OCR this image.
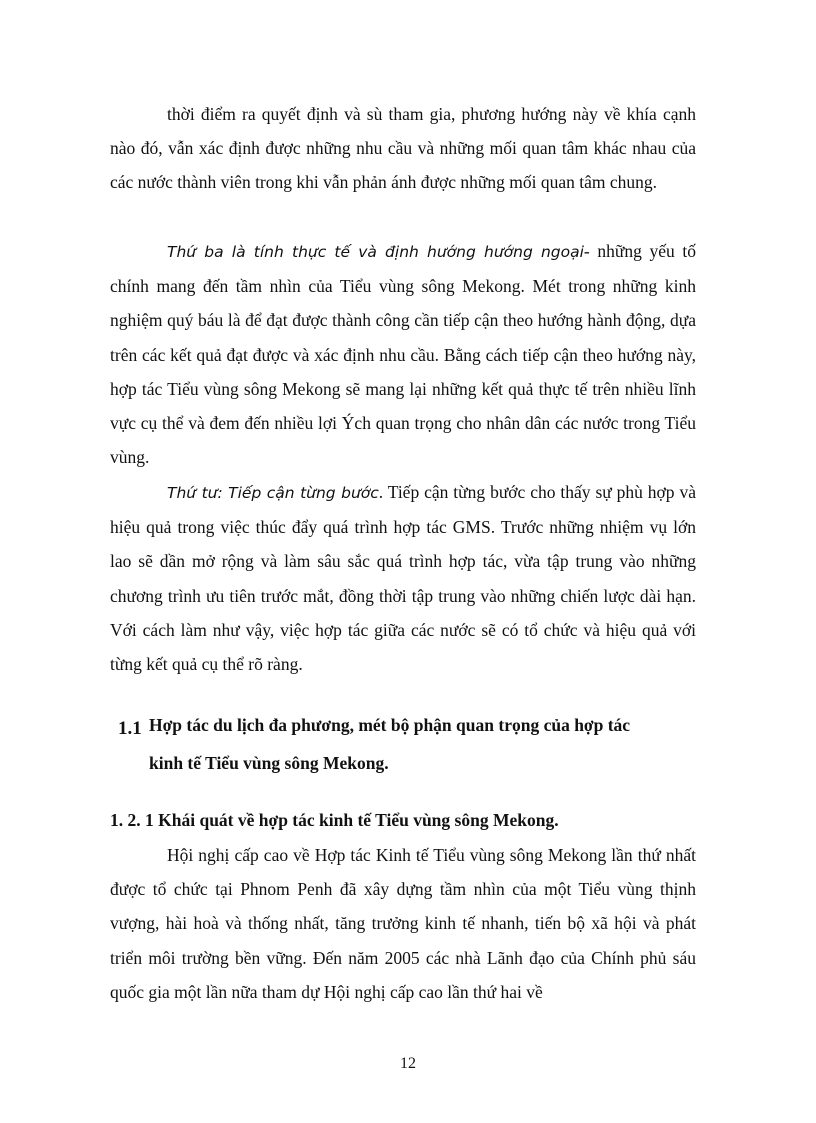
thời điểm ra quyết định và sù tham gia, phương hướng này về khía cạnh nào đó, vẫn xác định được những nhu cầu và những mối quan tâm khác nhau của các nước thành viên trong khi vẫn phản ánh được những mối quan tâm chung.

Thứ ba là tính thực tế và định hướng hướng ngoại- những yếu tố chính mang đến tầm nhìn của Tiểu vùng sông Mekong. Mét trong những kinh nghiệm quý báu là để đạt được thành công cần tiếp cận theo hướng hành động, dựa trên các kết quả đạt được và xác định nhu cầu. Bằng cách tiếp cận theo hướng này, hợp tác Tiểu vùng sông Mekong sẽ mang lại những kết quả thực tế trên nhiều lĩnh vực cụ thể và đem đến nhiều lợi Ých quan trọng cho nhân dân các nước trong Tiểu vùng.

Thứ tư: Tiếp cận từng bước. Tiếp cận từng bước cho thấy sự phù hợp và hiệu quả trong việc thúc đẩy quá trình hợp tác GMS. Trước những nhiệm vụ lớn lao sẽ dần mở rộng và làm sâu sắc quá trình hợp tác, vừa tập trung vào những chương trình ưu tiên trước mắt, đồng thời tập trung vào những chiến lược dài hạn. Với cách làm như vậy, việc hợp tác giữa các nước sẽ có tổ chức và hiệu quả với từng kết quả cụ thể rõ ràng.

1.1 Hợp tác du lịch đa phương, mét bộ phận quan trọng của hợp tác
kinh tế Tiểu vùng sông Mekong.
1. 2. 1 Khái quát về hợp tác kinh tế Tiểu vùng sông Mekong.

Hội nghị cấp cao về Hợp tác Kinh tế Tiểu vùng sông Mekong lần thứ nhất được tổ chức tại Phnom Penh đã xây dựng tầm nhìn của một Tiểu vùng thịnh vượng, hài hoà và thống nhất, tăng trưởng kinh tế nhanh, tiến bộ xã hội và phát triển môi trường bền vững. Đến năm 2005 các nhà Lãnh đạo của Chính phủ sáu quốc gia một lần nữa tham dự Hội nghị cấp cao lần thứ hai về

12
